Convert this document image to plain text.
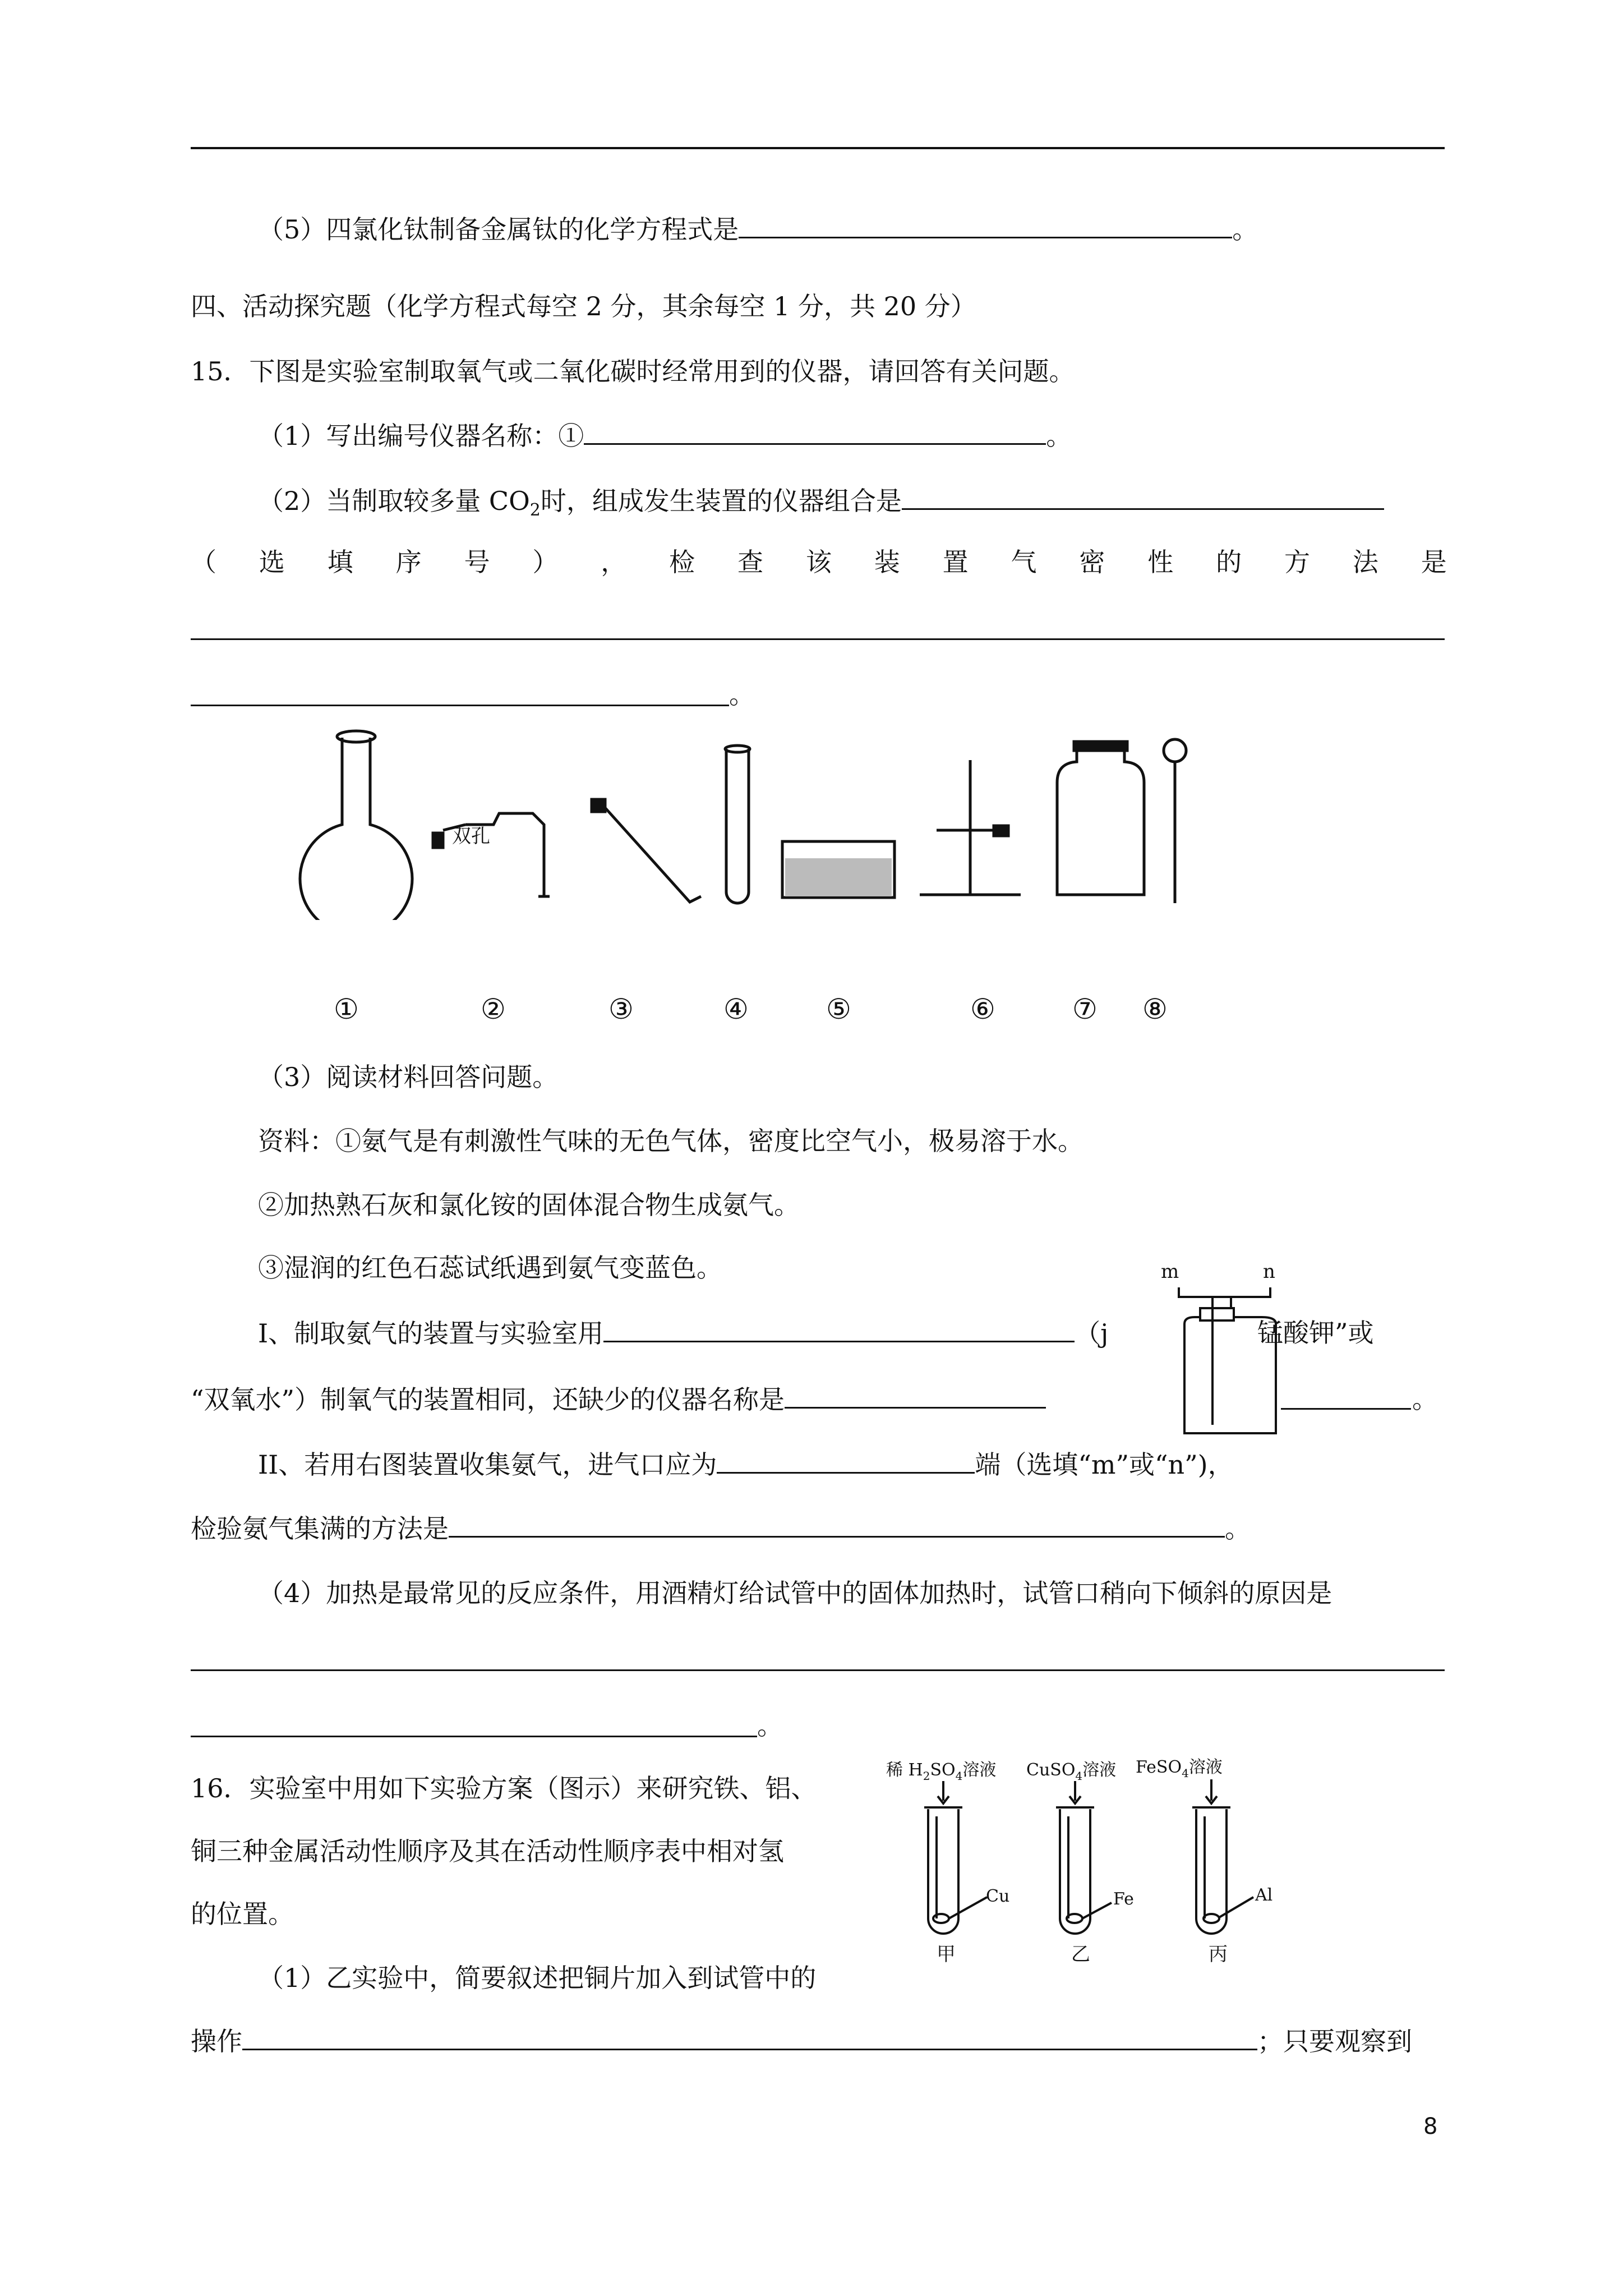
（5）四氯化钛制备金属钛的化学方程式是	。
四、活动探究题（化学方程式每空 2 分，其余每空 1 分，共 20 分）
15．下图是实验室制取氧气或二氧化碳时经常用到的仪器，请回答有关问题。
（1）写出编号仪器名称：①	。
（2）当制取较多量 $CO_2$时，组成发生装置的仪器组合是
（ 选 填 序 号 ） ， 检 查 该 装 置 气 密 性 的 方 法 是
。
双孔
①	②	③	④	⑤	⑥	⑦ ⑧
（3）阅读材料回答问题。
资料：①氨气是有刺激性气味的无色气体，密度比空气小，极易溶于水。
②加热熟石灰和氯化铵的固体混合物生成氨气。
③湿润的红色石蕊试纸遇到氨气变蓝色。
I、制取氨气的装置与实验室用	（j	锰酸钾”或
“双氧水”）制氧气的装置相同，还缺少的仪器名称是	。
m	n
II、若用右图装置收集氨气，进气口应为	端（选填“m”或“n”)，
检验氨气集满的方法是	。
（4）加热是最常见的反应条件，用酒精灯给试管中的固体加热时，试管口稍向下倾斜的原因是
。
16．实验室中用如下实验方案（图示）来研究铁、铝、
铜三种金属活动性顺序及其在活动性顺序表中相对氢
的位置。
（1）乙实验中，简要叙述把铜片加入到试管中的
操作	；只要观察到
稀 $H_2SO_4$溶液 CuSO$_4$溶液 FeSO$_4$溶液
Cu	Fe	Al
甲	乙	丙
8
